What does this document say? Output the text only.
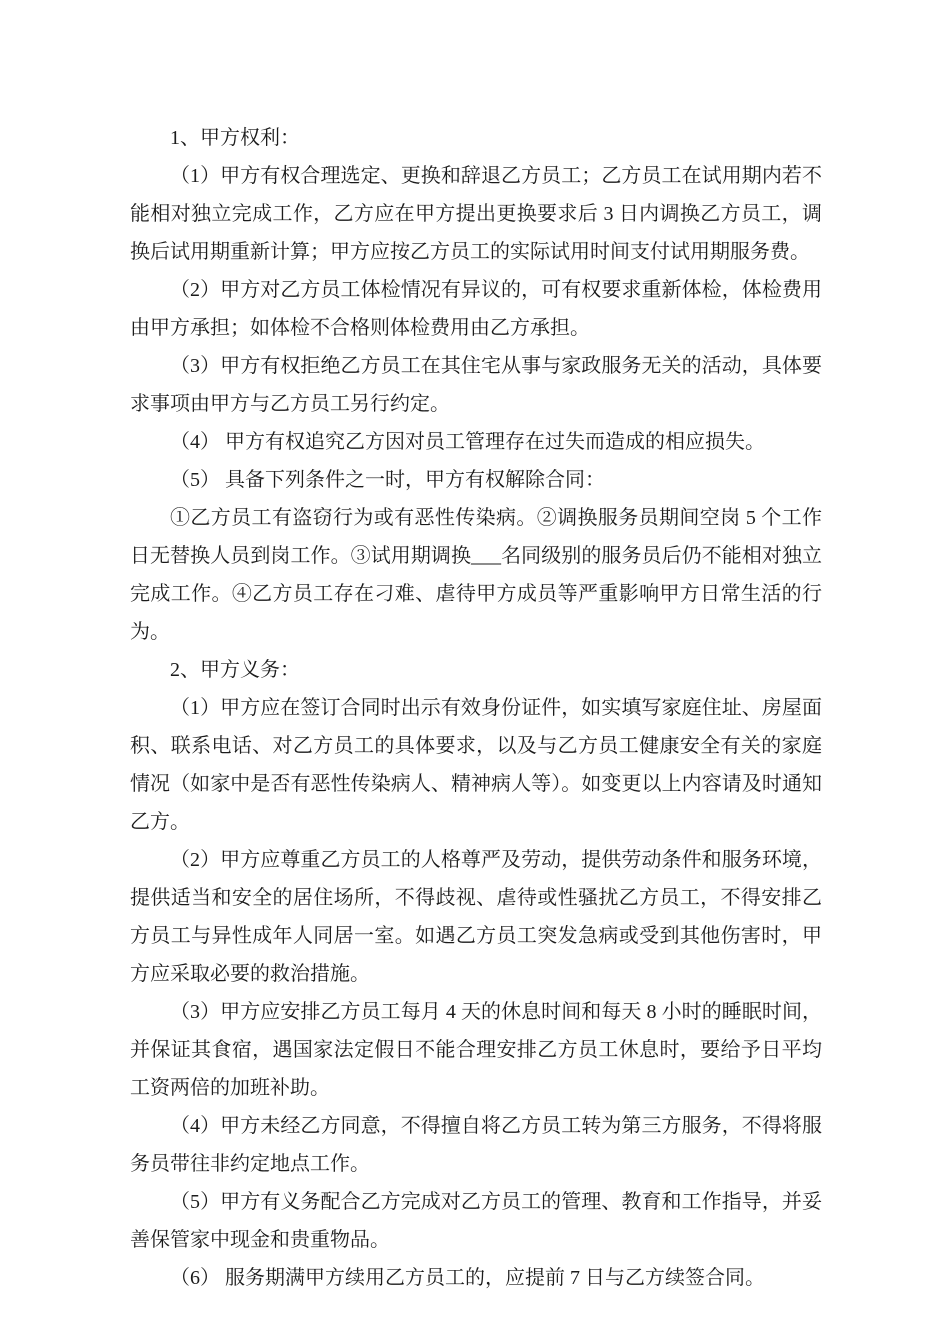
1、甲方权利：

（1）甲方有权合理选定、更换和辞退乙方员工；乙方员工在试用期内若不能相对独立完成工作，乙方应在甲方提出更换要求后 3 日内调换乙方员工，调换后试用期重新计算；甲方应按乙方员工的实际试用时间支付试用期服务费。

（2）甲方对乙方员工体检情况有异议的，可有权要求重新体检，体检费用由甲方承担；如体检不合格则体检费用由乙方承担。

（3）甲方有权拒绝乙方员工在其住宅从事与家政服务无关的活动，具体要求事项由甲方与乙方员工另行约定。

（4） 甲方有权追究乙方因对员工管理存在过失而造成的相应损失。

（5） 具备下列条件之一时，甲方有权解除合同：

①乙方员工有盗窃行为或有恶性传染病。②调换服务员期间空岗 5 个工作日无替换人员到岗工作。③试用期调换___名同级别的服务员后仍不能相对独立完成工作。④乙方员工存在刁难、虐待甲方成员等严重影响甲方日常生活的行为。

2、甲方义务：

（1）甲方应在签订合同时出示有效身份证件，如实填写家庭住址、房屋面积、联系电话、对乙方员工的具体要求，以及与乙方员工健康安全有关的家庭情况（如家中是否有恶性传染病人、精神病人等）。如变更以上内容请及时通知乙方。

（2）甲方应尊重乙方员工的人格尊严及劳动，提供劳动条件和服务环境，提供适当和安全的居住场所，不得歧视、虐待或性骚扰乙方员工，不得安排乙方员工与异性成年人同居一室。如遇乙方员工突发急病或受到其他伤害时，甲方应采取必要的救治措施。

（3）甲方应安排乙方员工每月 4 天的休息时间和每天 8 小时的睡眠时间，并保证其食宿，遇国家法定假日不能合理安排乙方员工休息时，要给予日平均工资两倍的加班补助。

（4）甲方未经乙方同意，不得擅自将乙方员工转为第三方服务，不得将服务员带往非约定地点工作。

（5）甲方有义务配合乙方完成对乙方员工的管理、教育和工作指导，并妥善保管家中现金和贵重物品。

（6） 服务期满甲方续用乙方员工的，应提前 7 日与乙方续签合同。
